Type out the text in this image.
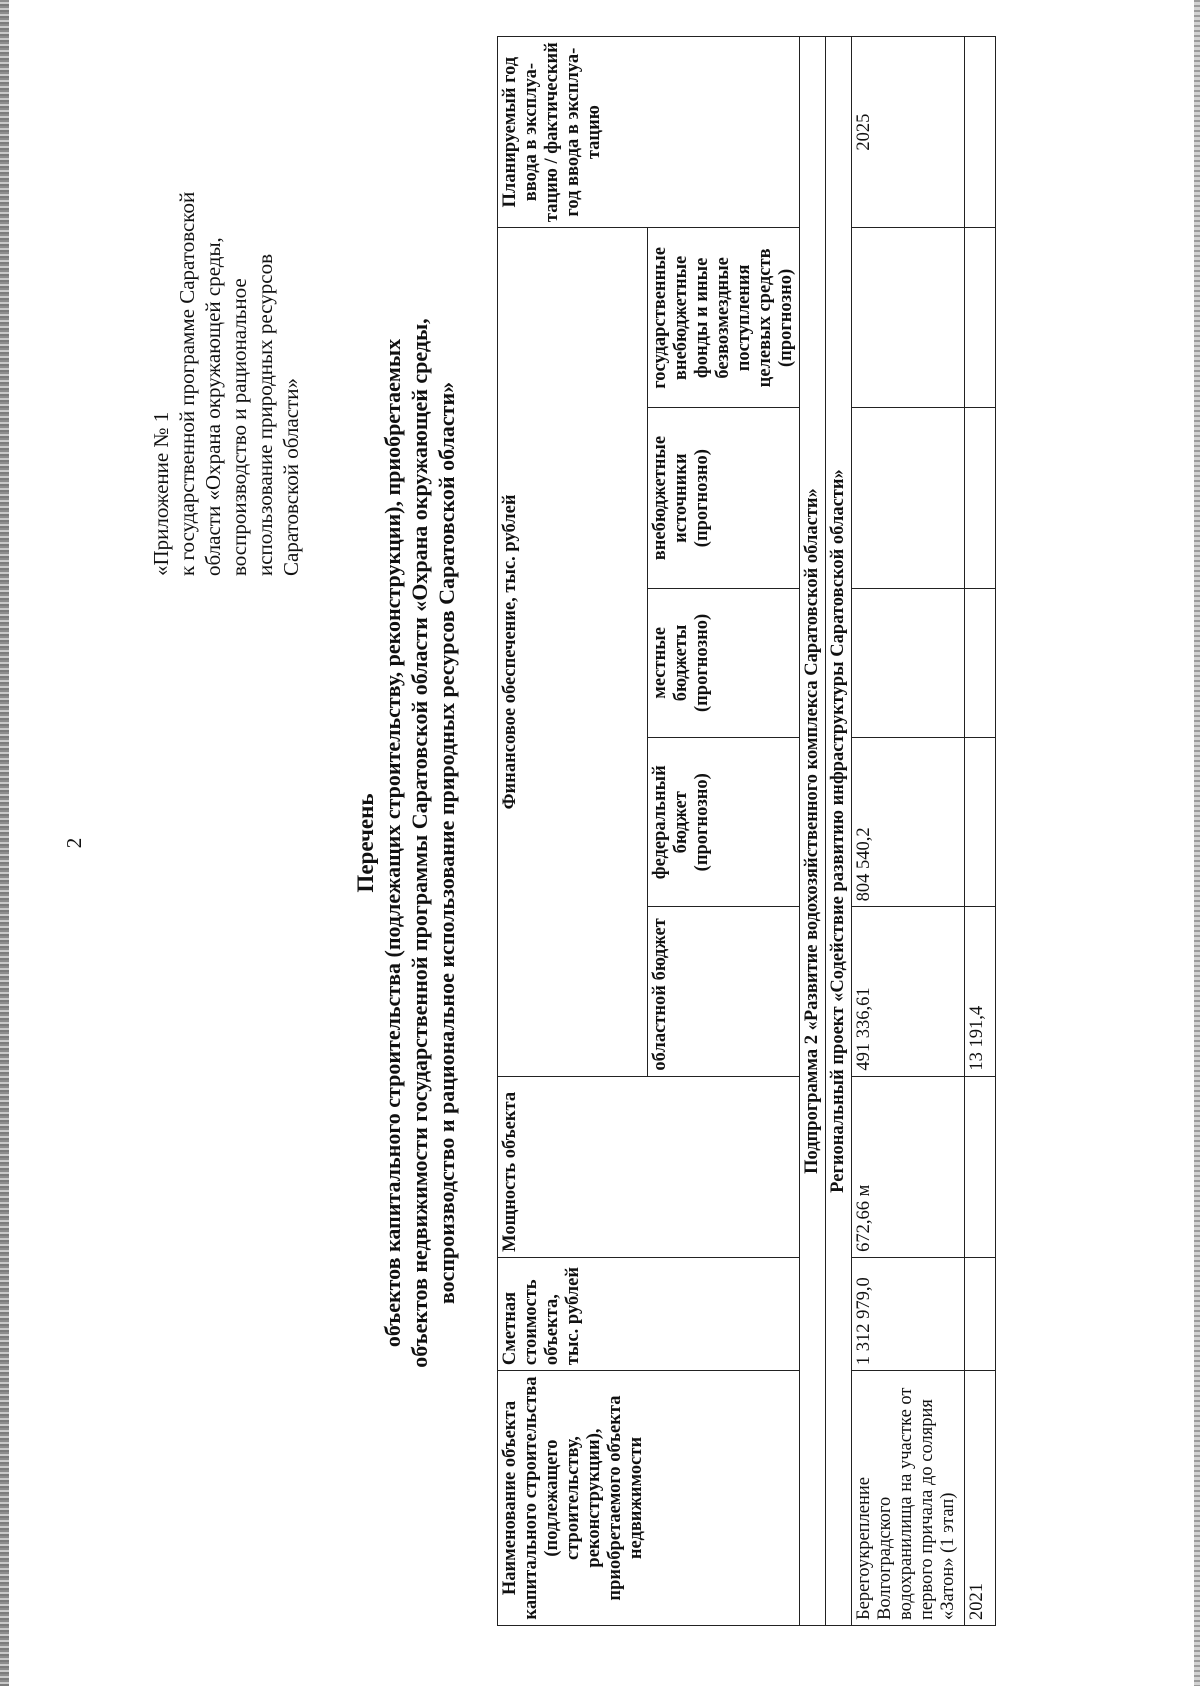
2
«Приложение № 1 к государственной программе Саратовской области «Охрана окружающей среды, воспроизводство и рациональное использование природных ресурсов Саратовской области»
Перечень объектов капитального строительства (подлежащих строительству, реконструкции), приобретаемых объектов недвижимости государственной программы Саратовской области «Охрана окружающей среды, воспроизводство и рациональное использование природных ресурсов Саратовской области»
Наименование объекта капитального строительства (подлежащего строительству, реконструкции), приобретаемого объекта недвижимости	Сметная стоимость объекта, тыс. рублей	Мощность объекта	Финансовое обеспечение, тыс. рублей					Планируемый год ввода в эксплуа-тацию / фактический год ввода в эксплуа-тацию
			областной бюджет	федеральный бюджет (прогнозно)	местные бюджеты (прогнозно)	внебюджетные источники (прогнозно)	государственные внебюджетные фонды и иные безвозмездные поступления целевых средств (прогнозно)	
Подпрограмма 2 «Развитие водохозяйственного комплекса Саратовской области»								
Региональный проект «Содействие развитию инфраструктуры Саратовской области»								
Берегоукрепление Волгоградского водохранилища на участке от первого причала до солярия «Затон» (1 этап)	1 312 979,0	672,66 м	491 336,61	804 540,2				2025
2021			13 191,4					
